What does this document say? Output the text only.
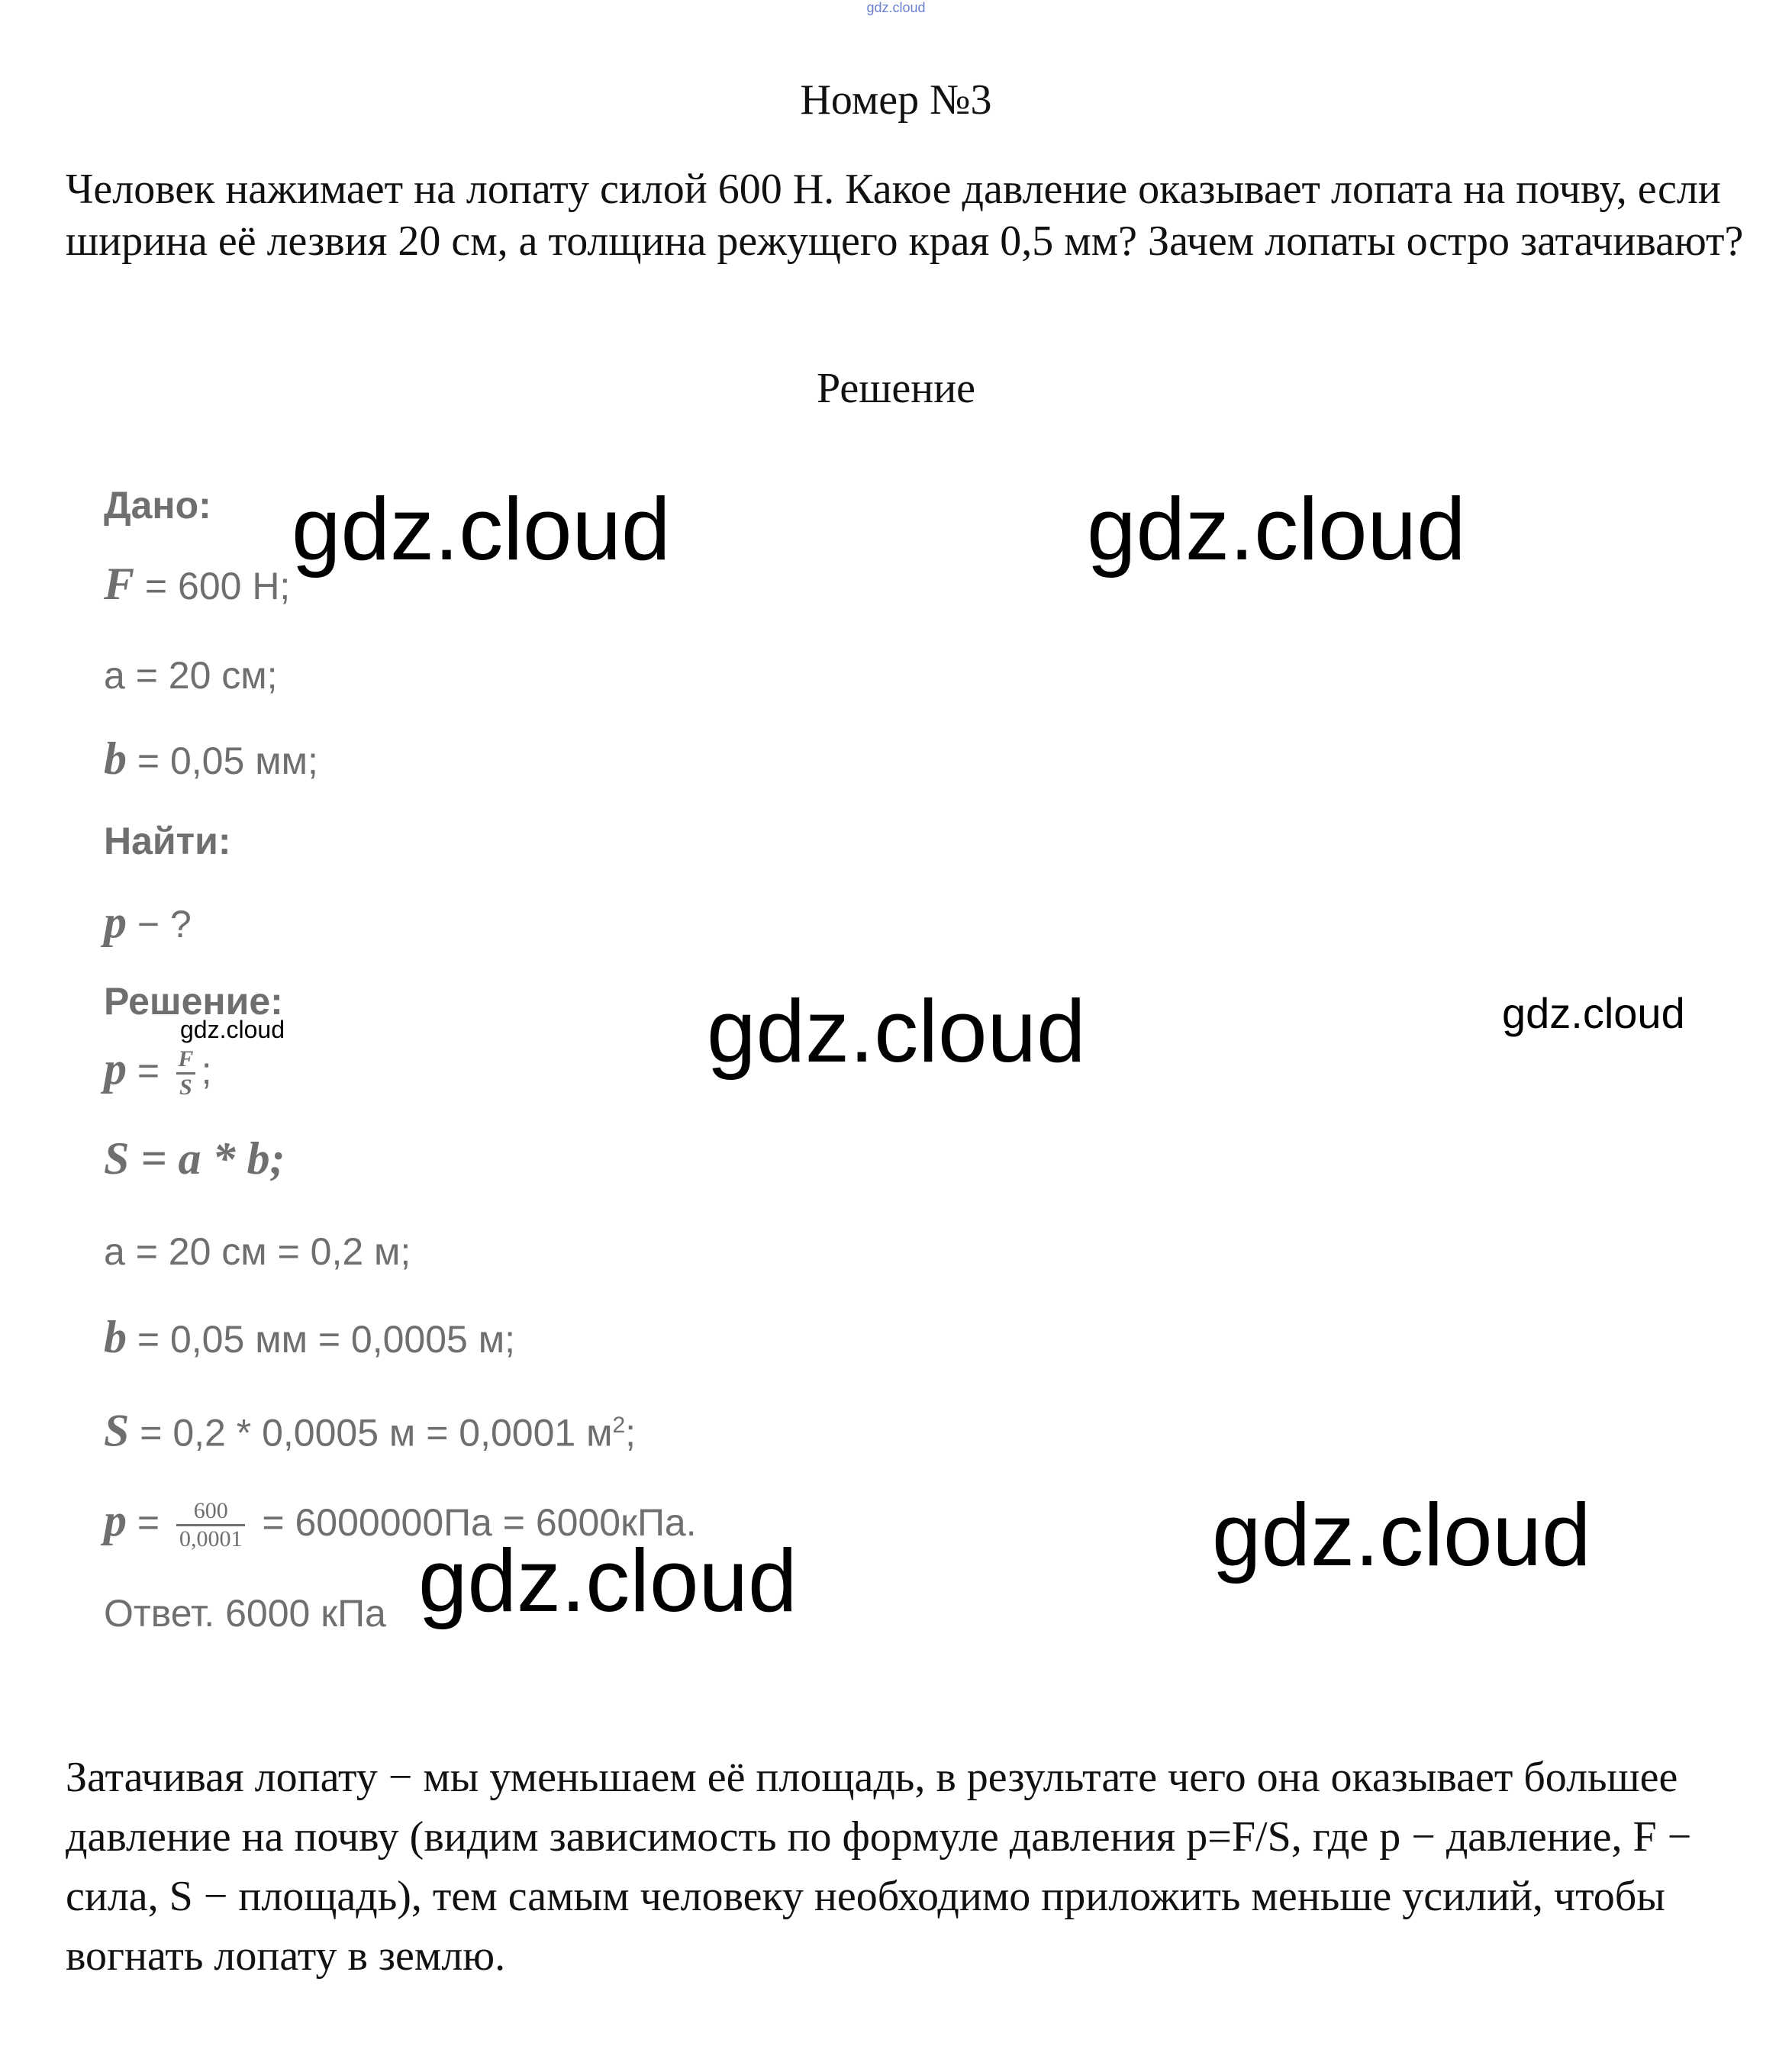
gdz.cloud
Номер №3
Человек нажимает на лопату силой 600 Н. Какое давление оказывает лопата на почву, если ширина её лезвия 20 см, а толщина режущего края 0,5 мм? Зачем лопаты остро затачивают?
Решение
Дано:
F = 600 Н;
a = 20 см;
b = 0,05 мм;
Найти:
p − ?
Решение:
$p = \frac{F}{S}$ ;
S = a * b;
a = 20 см = 0,2 м;
b = 0,05 мм = 0,0005 м;
S = 0,2 * 0,0005 м = 0,0001 $м^2$;
$p = \frac{600}{0,0001} = 6000000Па = 6000кПа$.
Ответ. 6000 кПа
gdz.cloud	gdz.cloud
gdz.cloud	gdz.cloud
gdz.cloud
gdz.cloud
gdz.cloud
Затачивая лопату − мы уменьшаем её площадь, в результате чего она оказывает большее давление на почву (видим зависимость по формуле давления p=F/S, где p − давление, F − сила, S − площадь), тем самым человеку необходимо приложить меньше усилий, чтобы вогнать лопату в землю.
